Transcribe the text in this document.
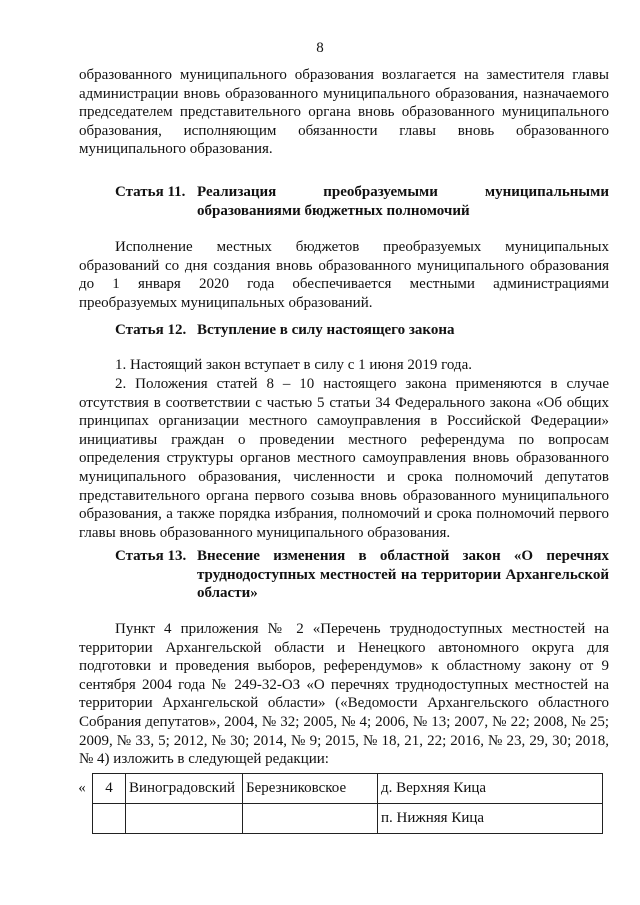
8

образованного муниципального образования возлагается на заместителя главы администрации вновь образованного муниципального образования, назначаемого председателем представительного органа вновь образованного муниципального образования, исполняющим обязанности главы вновь образованного муниципального образования.

Статья 11. Реализация преобразуемыми муниципальными образованиями бюджетных полномочий

Исполнение местных бюджетов преобразуемых муниципальных образований со дня создания вновь образованного муниципального образования до 1 января 2020 года обеспечивается местными администрациями преобразуемых муниципальных образований.

Статья 12. Вступление в силу настоящего закона

1. Настоящий закон вступает в силу с 1 июня 2019 года.

2. Положения статей 8 – 10 настоящего закона применяются в случае отсутствия в соответствии с частью 5 статьи 34 Федерального закона «Об общих принципах организации местного самоуправления в Российской Федерации» инициативы граждан о проведении местного референдума по вопросам определения структуры органов местного самоуправления вновь образованного муниципального образования, численности и срока полномочий депутатов представительного органа первого созыва вновь образованного муниципального образования, а также порядка избрания, полномочий и срока полномочий первого главы вновь образованного муниципального образования.

Статья 13. Внесение изменения в областной закон «О перечнях труднодоступных местностей на территории Архангельской области»

Пункт 4 приложения № 2 «Перечень труднодоступных местностей на территории Архангельской области и Ненецкого автономного округа для подготовки и проведения выборов, референдумов» к областному закону от 9 сентября 2004 года № 249-32-ОЗ «О перечнях труднодоступных местностей на территории Архангельской области» («Ведомости Архангельского областного Собрания депутатов», 2004, № 32; 2005, № 4; 2006, № 13; 2007, № 22; 2008, № 25; 2009, № 33, 5; 2012, № 30; 2014, № 9; 2015, № 18, 21, 22; 2016, № 23, 29, 30; 2018, № 4) изложить в следующей редакции:

«	4	Виноградовский	Березниковское	д. Верхняя Кица
				п. Нижняя Кица
